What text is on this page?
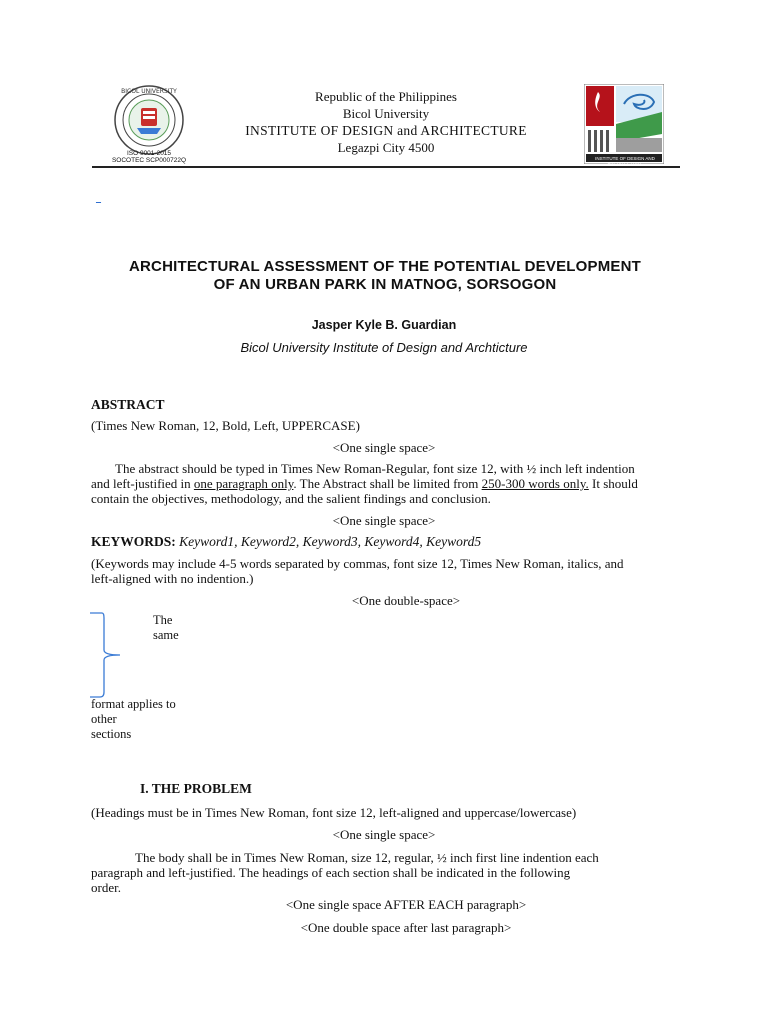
BICOL UNIVERSITY
ISO 9001-2015
SOCOTEC SCP000722Q
Republic of the Philippines
Bicol University
INSTITUTE OF DESIGN and ARCHITECTURE
Legazpi City 4500
INSTITUTE OF DESIGN AND ARCHITECTURE
_
ARCHITECTURAL ASSESSMENT OF THE POTENTIAL DEVELOPMENT
OF AN URBAN PARK IN MATNOG, SORSOGON
Jasper Kyle B. Guardian
Bicol University Institute of Design and Archticture
ABSTRACT
(Times New Roman, 12, Bold, Left, UPPERCASE)
<One single space>
The abstract should be typed in Times New Roman-Regular, font size 12, with ½ inch left indention
and left-justified in one paragraph only. The Abstract shall be limited from 250-300 words only. It should
contain the objectives, methodology, and the salient findings and conclusion.
<One single space>
KEYWORDS: Keyword1, Keyword2, Keyword3, Keyword4, Keyword5
(Keywords may include 4-5 words separated by commas, font size 12, Times New Roman, italics, and
left-aligned with no indention.)
<One double-space>
The
same
format applies to
other
sections
I. THE PROBLEM
(Headings must be in Times New Roman, font size 12, left-aligned and uppercase/lowercase)
<One single space>
The body shall be in Times New Roman, size 12, regular, ½ inch first line indention each
paragraph and left-justified. The headings of each section shall be indicated in the following
order.
<One single space AFTER EACH paragraph>
<One double space after last paragraph>
